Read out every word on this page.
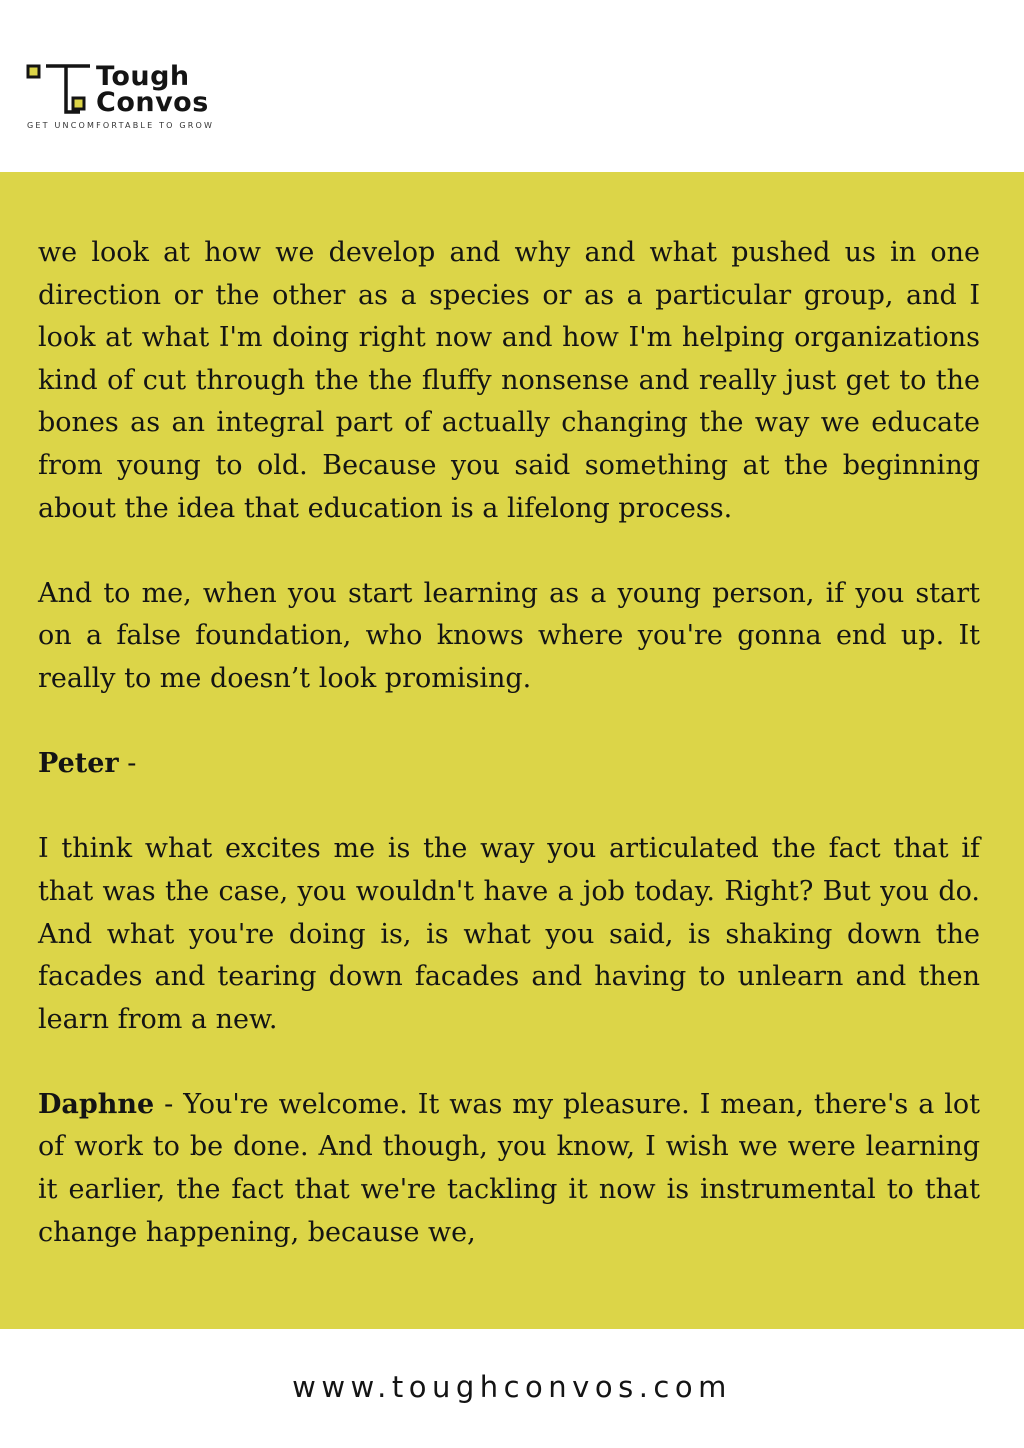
Tough
Convos
GET UNCOMFORTABLE TO GROW

we look at how we develop and why and what pushed us in one direction or the other as a species or as a particular group, and I look at what I'm doing right now and how I'm helping organizations kind of cut through the the fluffy nonsense and really just get to the bones as an integral part of actually changing the way we educate from young to old. Because you said something at the beginning about the idea that education is a lifelong process.

And to me, when you start learning as a young person, if you start on a false foundation, who knows where you're gonna end up. It really to me doesn’t look promising.

Peter -

I think what excites me is the way you articulated the fact that if that was the case, you wouldn't have a job today. Right? But you do. And what you're doing is, is what you said, is shaking down the facades and tearing down facades and having to unlearn and then learn from a new.

Daphne - You're welcome. It was my pleasure. I mean, there's a lot of work to be done. And though, you know, I wish we were learning it earlier, the fact that we're tackling it now is instrumental to that change happening, because we,

www.toughconvos.com
